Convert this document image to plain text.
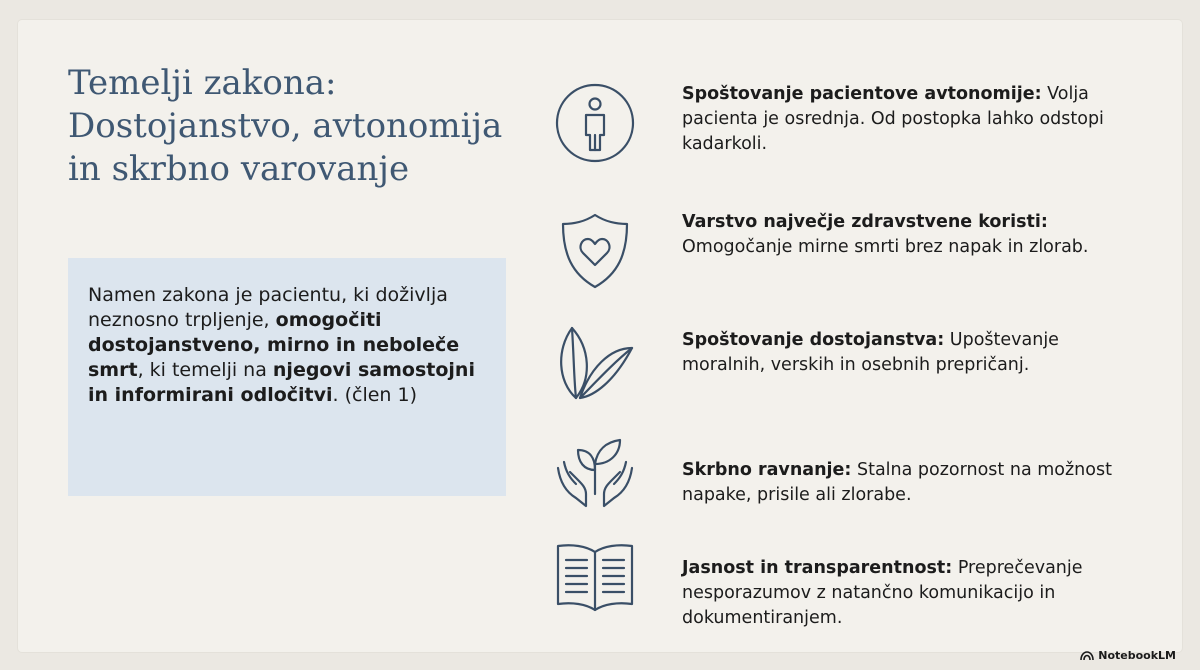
Temelji zakona:
Dostojanstvo, avtonomija
in skrbno varovanje

Namen zakona je pacientu, ki doživlja neznosno trpljenje, omogočiti dostojanstveno, mirno in neboleče smrt, ki temelji na njegovi samostojni in informirani odločitvi. (člen 1)

Spoštovanje pacientove avtonomije: Volja pacienta je osrednja. Od postopka lahko odstopi kadarkoli.
Varstvo največje zdravstvene koristi: Omogočanje mirne smrti brez napak in zlorab.
Spoštovanje dostojanstva: Upoštevanje moralnih, verskih in osebnih prepričanj.
Skrbno ravnanje: Stalna pozornost na možnost napake, prisile ali zlorabe.
Jasnost in transparentnost: Preprečevanje nesporazumov z natančno komunikacijo in dokumentiranjem.
NotebookLM
